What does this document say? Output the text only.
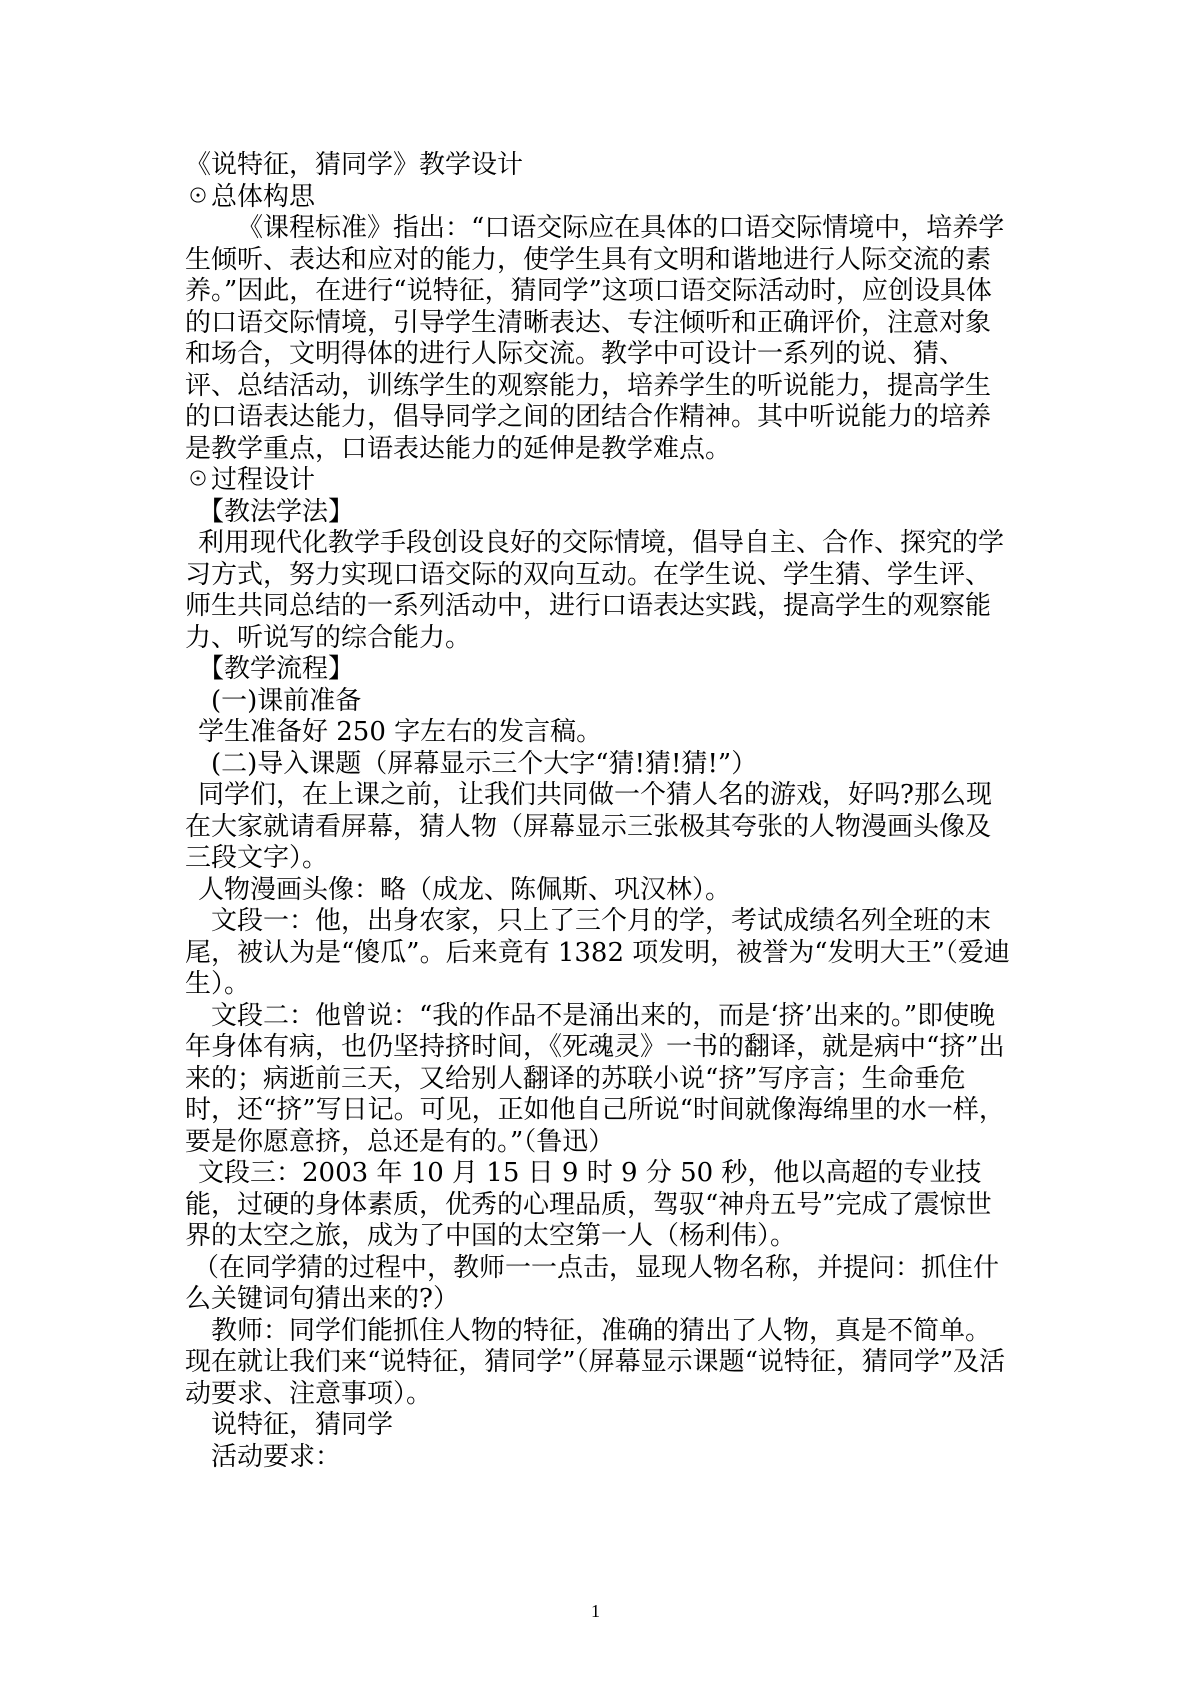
《说特征，猜同学》教学设计

☉总体构思

《课程标准》指出：“口语交际应在具体的口语交际情境中，培养学生倾听、表达和应对的能力，使学生具有文明和谐地进行人际交流的素养。”因此，在进行“说特征，猜同学”这项口语交际活动时，应创设具体的口语交际情境，引导学生清晰表达、专注倾听和正确评价，注意对象和场合，文明得体的进行人际交流。教学中可设计一系列的说、猜、评、总结活动，训练学生的观察能力，培养学生的听说能力，提高学生的口语表达能力，倡导同学之间的团结合作精神。其中听说能力的培养是教学重点，口语表达能力的延伸是教学难点。

☉过程设计

【教法学法】

利用现代化教学手段创设良好的交际情境，倡导自主、合作、探究的学习方式，努力实现口语交际的双向互动。在学生说、学生猜、学生评、师生共同总结的一系列活动中，进行口语表达实践，提高学生的观察能力、听说写的综合能力。

【教学流程】

(一)课前准备

学生准备好 250 字左右的发言稿。

(二)导入课题（屏幕显示三个大字“猜!猜!猜!”）

同学们，在上课之前，让我们共同做一个猜人名的游戏，好吗?那么现在大家就请看屏幕，猜人物（屏幕显示三张极其夸张的人物漫画头像及三段文字）。

人物漫画头像：略（成龙、陈佩斯、巩汉林）。

文段一：他，出身农家，只上了三个月的学，考试成绩名列全班的末尾，被认为是“傻瓜”。后来竟有 1382 项发明，被誉为“发明大王”（爱迪生）。

文段二：他曾说：“我的作品不是涌出来的，而是‘挤’出来的。”即使晚年身体有病，也仍坚持挤时间，《死魂灵》一书的翻译，就是病中“挤”出来的；病逝前三天，又给别人翻译的苏联小说“挤”写序言；生命垂危时，还“挤”写日记。可见，正如他自己所说“时间就像海绵里的水一样，要是你愿意挤，总还是有的。”（鲁迅）

文段三：2003 年 10 月 15 日 9 时 9 分 50 秒，他以高超的专业技能，过硬的身体素质，优秀的心理品质，驾驭“神舟五号”完成了震惊世界的太空之旅，成为了中国的太空第一人（杨利伟）。

（在同学猜的过程中，教师一一点击，显现人物名称，并提问：抓住什么关键词句猜出来的?）

教师：同学们能抓住人物的特征，准确的猜出了人物，真是不简单。现在就让我们来“说特征，猜同学”（屏幕显示课题“说特征，猜同学”及活动要求、注意事项）。

说特征，猜同学

活动要求：

1
